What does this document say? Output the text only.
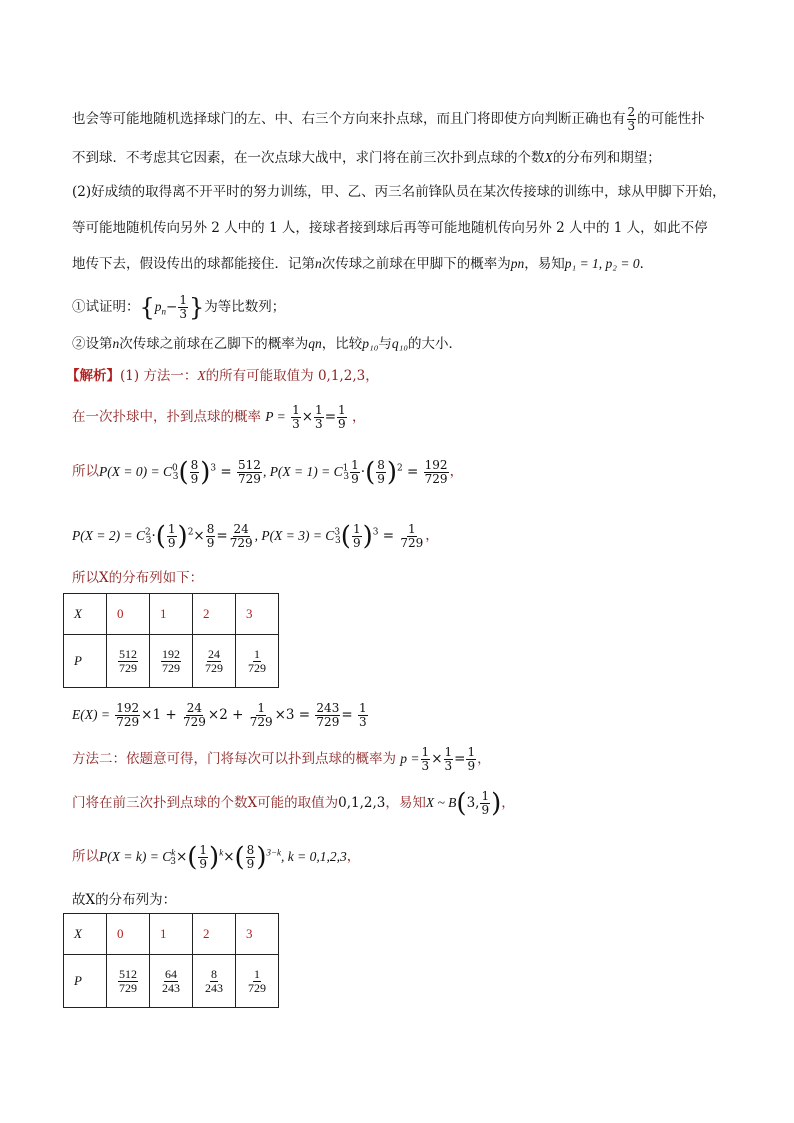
也会等可能地随机选择球门的左、中、右三个方向来扑点球，而且门将即使方向判断正确也有 $\frac{2}{3}$ 的可能性扑
不到球．不考虑其它因素，在一次点球大战中，求门将在前三次扑到点球的个数X的分布列和期望；
(2)好成绩的取得离不开平时的努力训练，甲、乙、丙三名前锋队员在某次传接球的训练中，球从甲脚下开始，
等可能地随机传向另外 2 人中的 1 人，接球者接到球后再等可能地随机传向另外 2 人中的 1 人，如此不停
地传下去，假设传出的球都能接住．记第n次传球之前球在甲脚下的概率为pn，易知p₁ = 1, p₂ = 0．
①试证明：{$p_n- \frac{1}{3}$ }为等比数列；
②设第n次传球之前球在乙脚下的概率为qn，比较p₁₀与q₁₀的大小．
【解析】(1) 方法一：X的所有可能取值为 0,1,2,3，
在一次扑球中，扑到点球的概率 $P = \frac{1}{3} \times \frac{1}{3} = \frac{1}{9}$ ，
所以$P(X = 0) = C^0_3( \frac{8}{9} )^3 = \frac{512}{729}$ , $P(X = 1) = C^1_3 \frac{1}{9}$ ·( $\frac{8}{9} )^2 = \frac{192}{729}$ ，
$P(X = 2) = C^2_3\cdot( \frac{1}{9} )^2\times \frac{8}{9} = \frac{24}{729}$ , $P(X = 3) = C^3_3( \frac{1}{9} )^3 = \frac{1}{729}$ ，
所以X的分布列如下：
X	0	1	2	3
P	$\frac{512}{729}$	$\frac{192}{729}$	$\frac{24}{729}$	$\frac{1}{729}$
$E(X) = \frac{192}{729} \times 1 + \frac{24}{729} \times 2 + \frac{1}{729} \times 3 = \frac{243}{729} = \frac{1}{3}$
方法二：依题意可得，门将每次可以扑到点球的概率为 $p = \frac{1}{3} \times \frac{1}{3} = \frac{1}{9}$ ，
门将在前三次扑到点球的个数X可能的取值为0,1,2,3，易知X ~ B(3, $\frac{1}{9}$ )，
所以$P(X = k) = C^k_3\times( \frac{1}{9} )^k\times( \frac{8}{9} )^{3-k}$, k = 0,1,2,3，
故X的分布列为：
X	0	1	2	3
P	$\frac{512}{729}$	$\frac{64}{243}$	$\frac{8}{243}$	$\frac{1}{729}$
